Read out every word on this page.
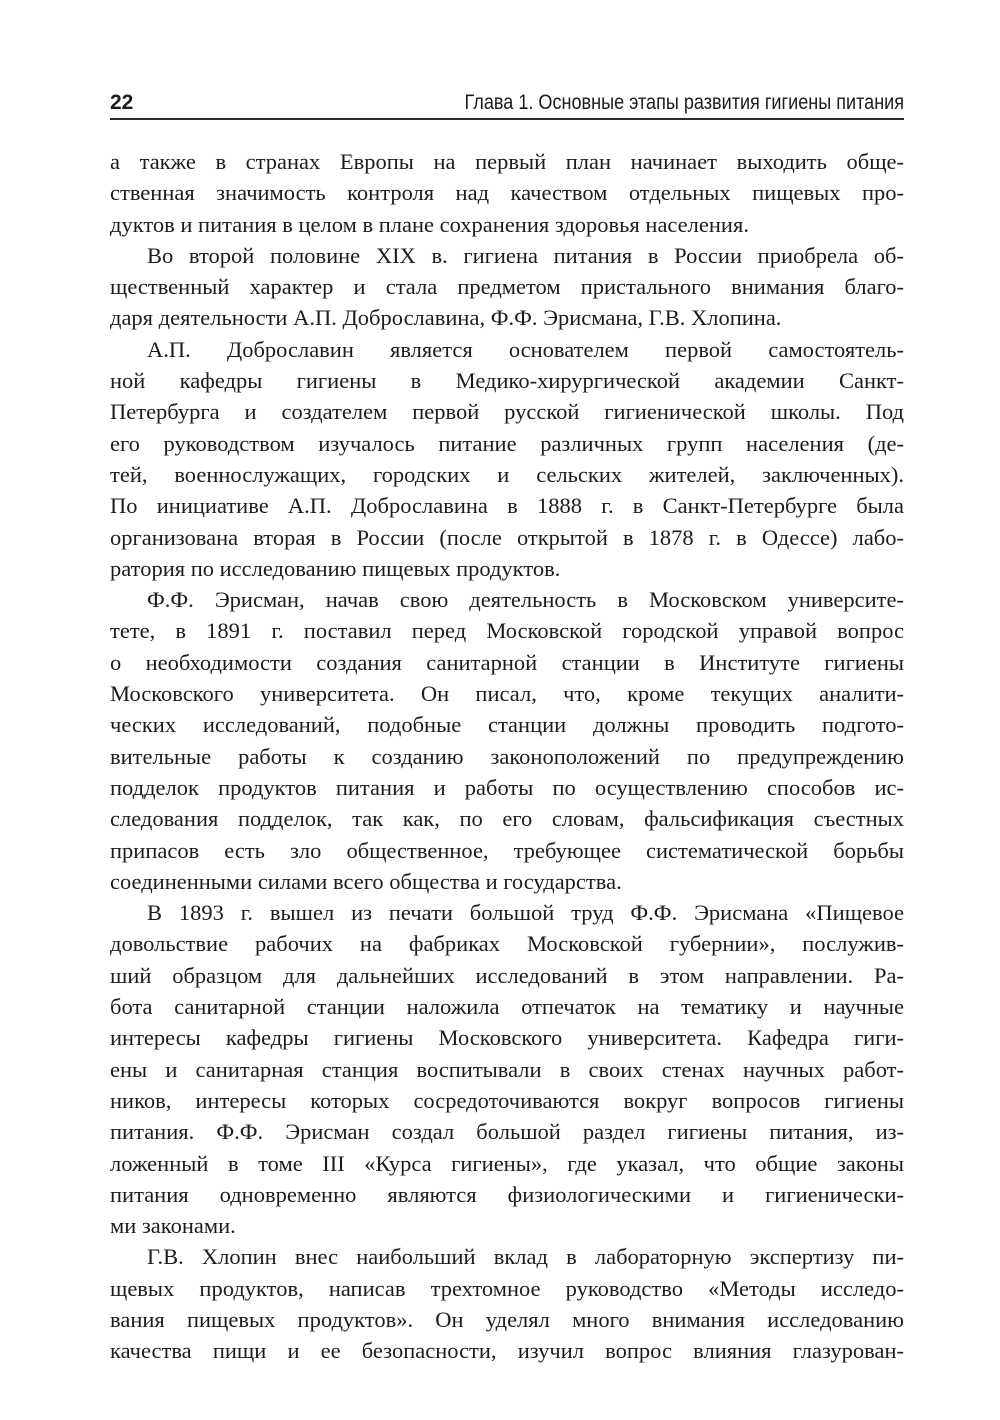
22	Глава 1. Основные этапы развития гигиены питания
а также в странах Европы на первый план начинает выходить обще-
ственная значимость контроля над качеством отдельных пищевых про-
дуктов и питания в целом в плане сохранения здоровья населения.
Во второй половине XIX в. гигиена питания в России приобрела об-
щественный характер и стала предметом пристального внимания благо-
даря деятельности А.П. Доброславина, Ф.Ф. Эрисмана, Г.В. Хлопина.
А.П. Доброславин является основателем первой самостоятель-
ной кафедры гигиены в Медико-хирургической академии Санкт-
Петербурга и создателем первой русской гигиенической школы. Под
его руководством изучалось питание различных групп населения (де-
тей, военнослужащих, городских и сельских жителей, заключенных).
По инициативе А.П. Доброславина в 1888 г. в Санкт-Петербурге была
организована вторая в России (после открытой в 1878 г. в Одессе) лабо-
ратория по исследованию пищевых продуктов.
Ф.Ф. Эрисман, начав свою деятельность в Московском университе-
тете, в 1891 г. поставил перед Московской городской управой вопрос
о необходимости создания санитарной станции в Институте гигиены
Московского университета. Он писал, что, кроме текущих аналити-
ческих исследований, подобные станции должны проводить подгото-
вительные работы к созданию законоположений по предупреждению
подделок продуктов питания и работы по осуществлению способов ис-
следования подделок, так как, по его словам, фальсификация съестных
припасов есть зло общественное, требующее систематической борьбы
соединенными силами всего общества и государства.
В 1893 г. вышел из печати большой труд Ф.Ф. Эрисмана «Пищевое
довольствие рабочих на фабриках Московской губернии», послужив-
ший образцом для дальнейших исследований в этом направлении. Ра-
бота санитарной станции наложила отпечаток на тематику и научные
интересы кафедры гигиены Московского университета. Кафедра гиги-
ены и санитарная станция воспитывали в своих стенах научных работ-
ников, интересы которых сосредоточиваются вокруг вопросов гигиены
питания. Ф.Ф. Эрисман создал большой раздел гигиены питания, из-
ложенный в томе III «Курса гигиены», где указал, что общие законы
питания одновременно являются физиологическими и гигиенически-
ми законами.
Г.В. Хлопин внес наибольший вклад в лабораторную экспертизу пи-
щевых продуктов, написав трехтомное руководство «Методы исследо-
вания пищевых продуктов». Он уделял много внимания исследованию
качества пищи и ее безопасности, изучил вопрос влияния глазурован-
